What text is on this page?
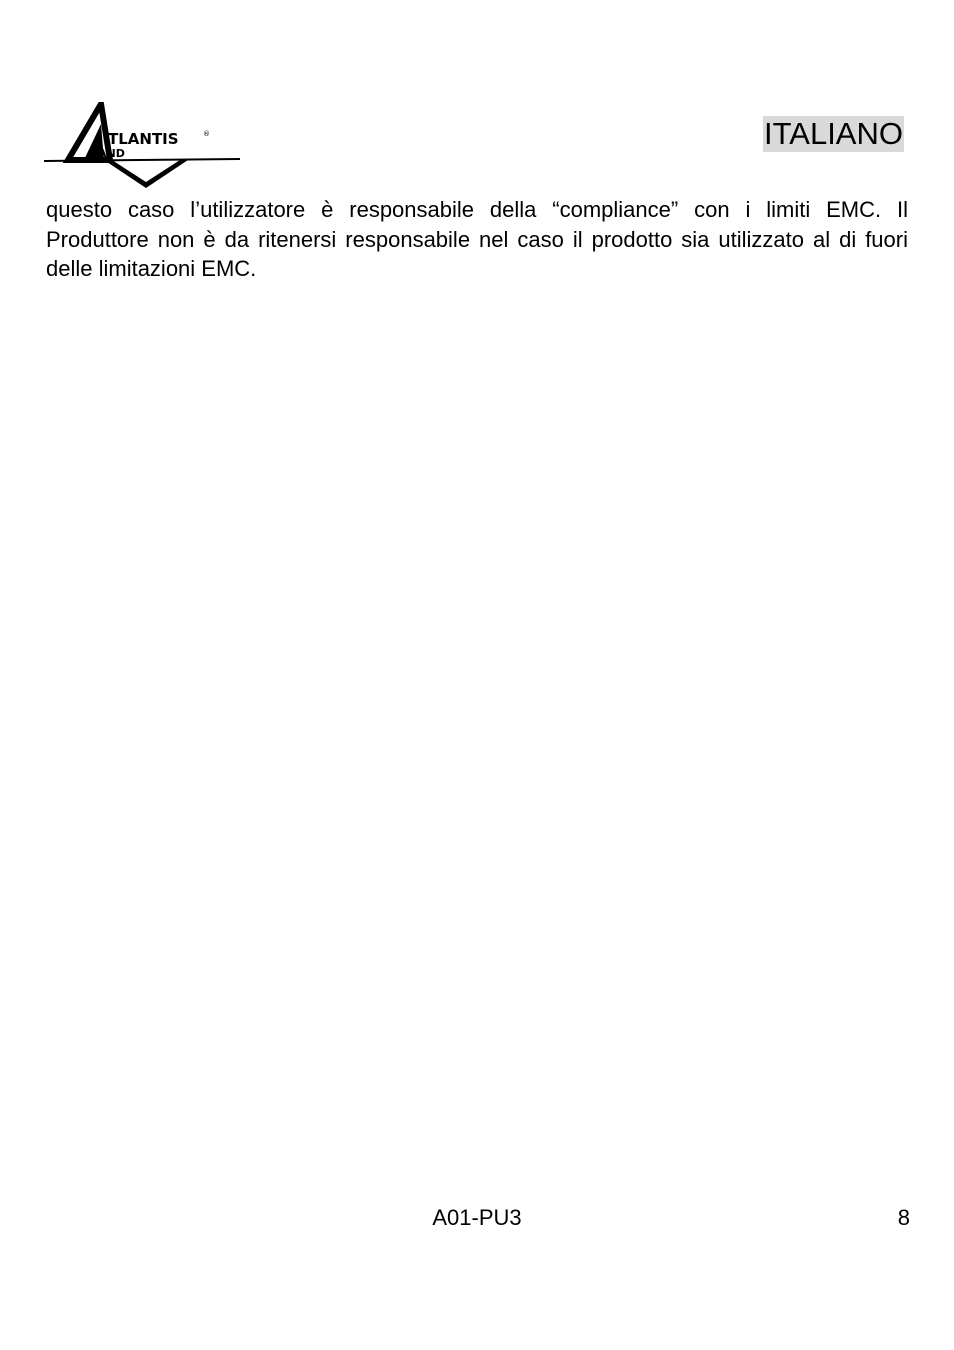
TLANTIS	®
AND
ITALIANO

questo caso l’utilizzatore è responsabile della “compliance” con i limiti EMC. Il Produttore non è da ritenersi responsabile nel caso il prodotto sia utilizzato al di fuori delle limitazioni EMC.

A01-PU3	8
